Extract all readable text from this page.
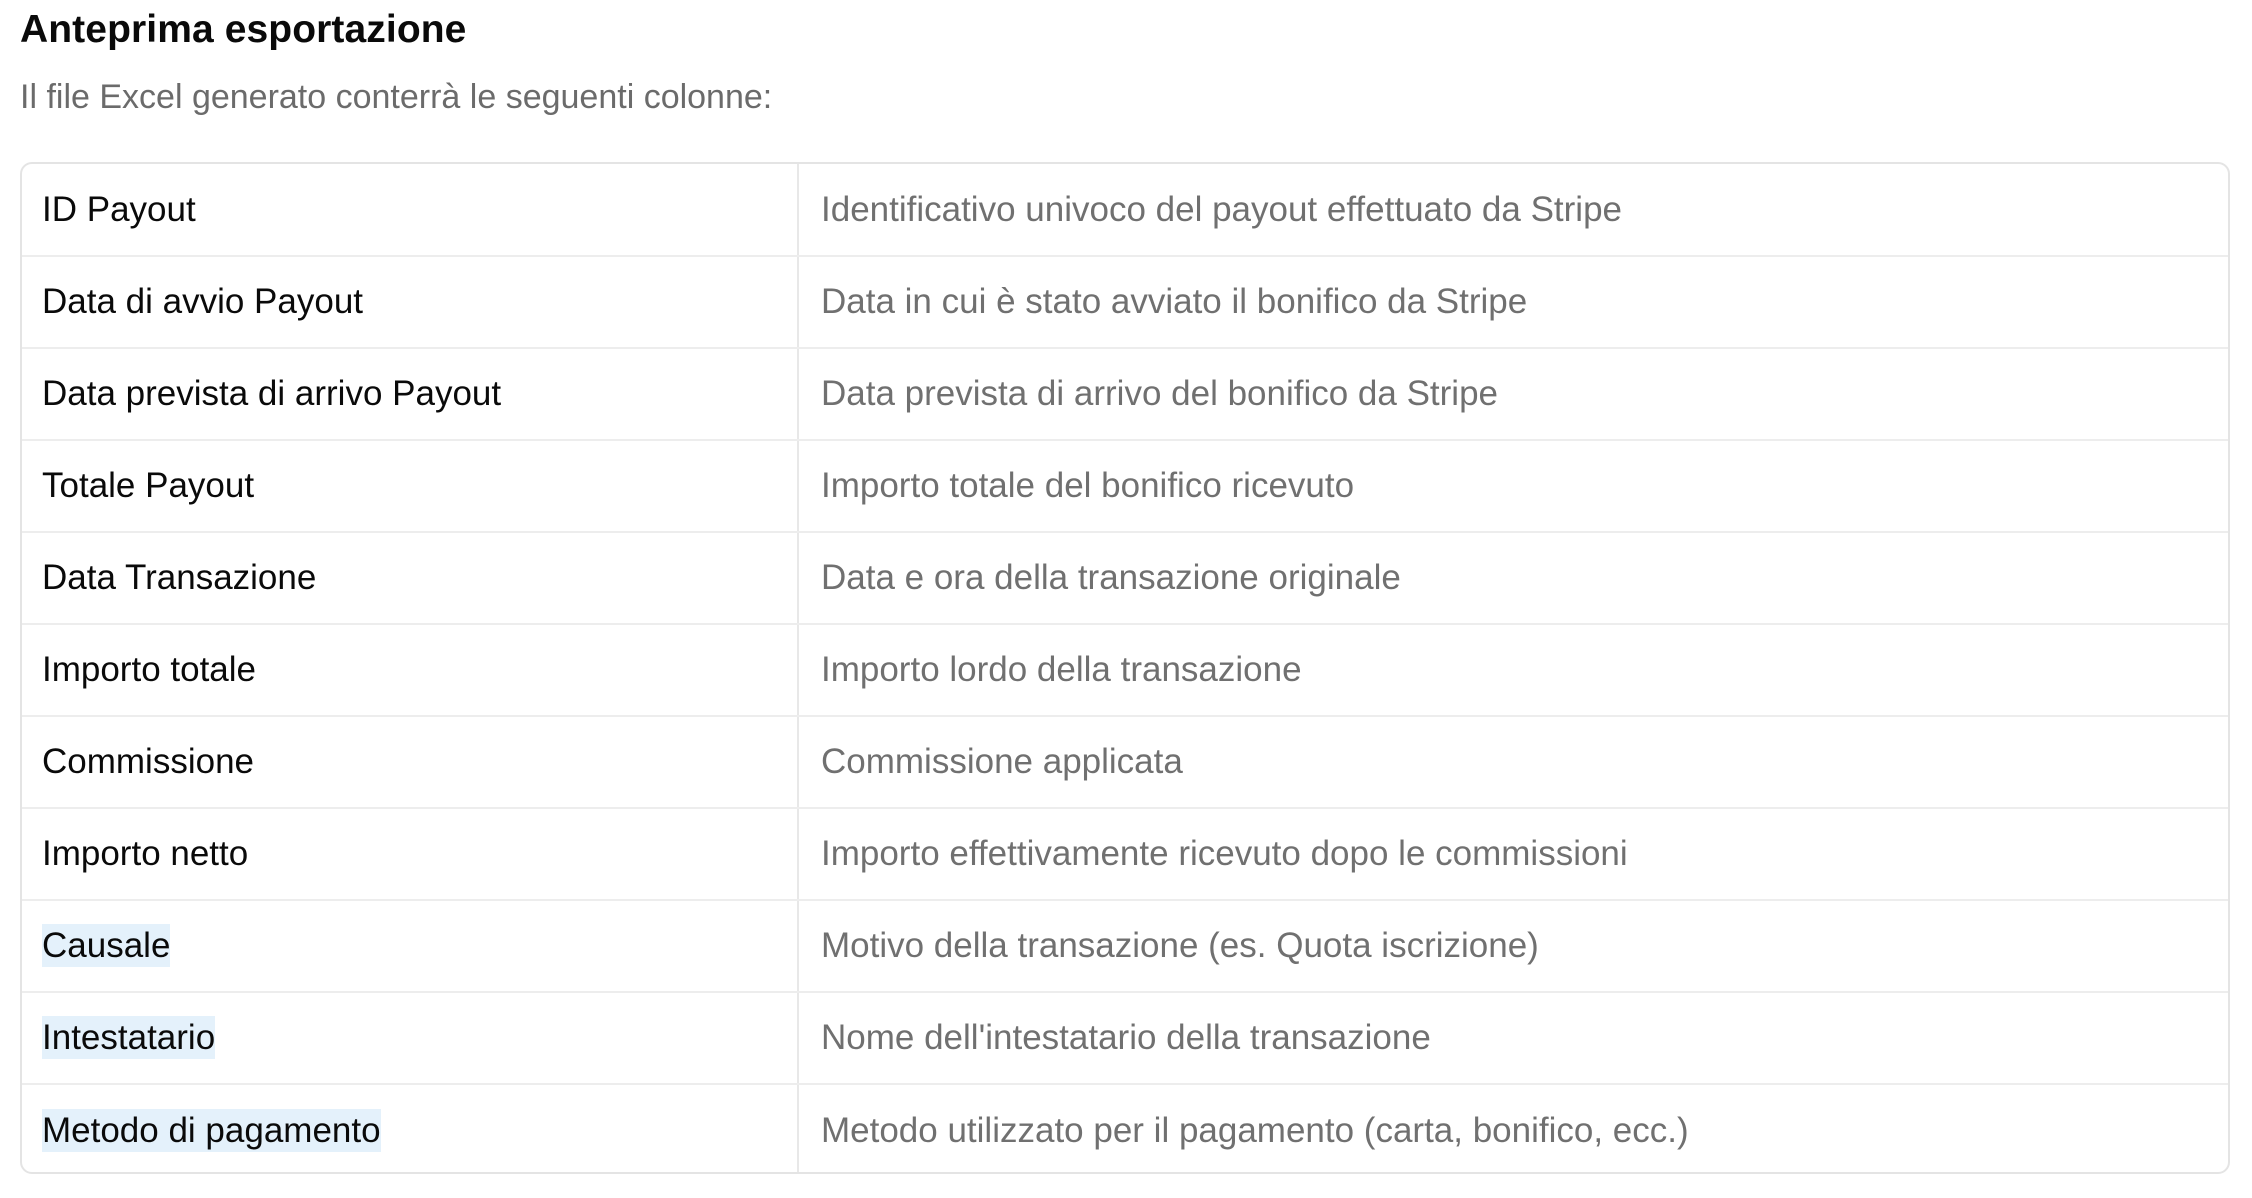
Anteprima esportazione

Il file Excel generato conterrà le seguenti colonne:

ID Payout	Identificativo univoco del payout effettuato da Stripe
Data di avvio Payout	Data in cui è stato avviato il bonifico da Stripe
Data prevista di arrivo Payout	Data prevista di arrivo del bonifico da Stripe
Totale Payout	Importo totale del bonifico ricevuto
Data Transazione	Data e ora della transazione originale
Importo totale	Importo lordo della transazione
Commissione	Commissione applicata
Importo netto	Importo effettivamente ricevuto dopo le commissioni
Causale	Motivo della transazione (es. Quota iscrizione)
Intestatario	Nome dell'intestatario della transazione
Metodo di pagamento	Metodo utilizzato per il pagamento (carta, bonifico, ecc.)
